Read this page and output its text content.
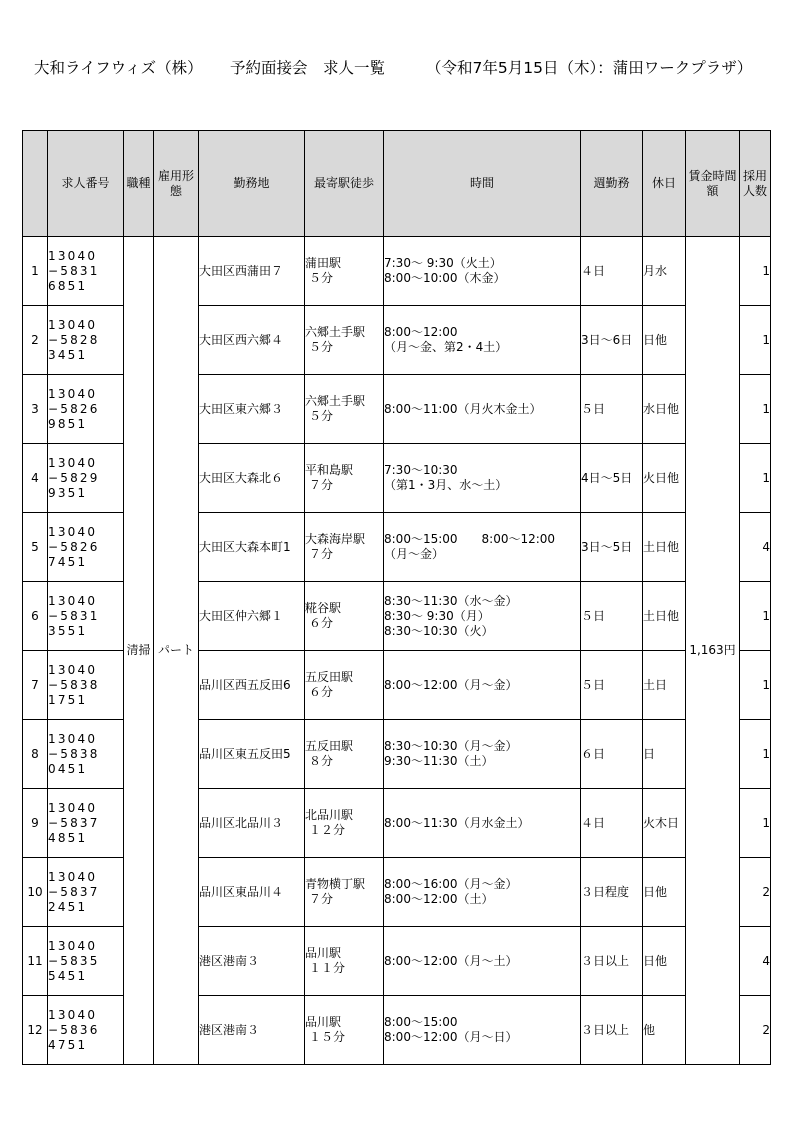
大和ライフウィズ（株） 予約面接会　求人一覧	（令和7年5月15日（木）：蒲田ワークプラザ）
	求人番号	職種	雇用形態	勤務地	最寄駅徒歩	時間	週勤務	休日	賃金時間額	採用人数

1	13040
−5831
6851	清掃	パート	大田区西蒲田７	蒲田駅
５分	7:30～ 9:30（火土）
8:00～10:00（木金）	４日	月水	1,163円	1

2	13040
−5828
3451			大田区西六郷４	六郷土手駅
５分	8:00～12:00
（月～金、第2・4土）	3日～6日	日他		1

3	13040
−5826
9851			大田区東六郷３	六郷土手駅
５分	8:00～11:00（月火木金土）	５日	水日他		1

4	13040
−5829
9351			大田区大森北６	平和島駅
７分	7:30～10:30
（第1・3月、水～土）	4日～5日	火日他		1

5	13040
−5826
7451			大田区大森本町1	大森海岸駅
７分	8:00～15:00　　8:00～12:00
（月～金）	3日～5日	土日他		4

6	13040
−5831
3551			大田区仲六郷１	糀谷駅
６分	8:30～11:30（水～金）
8:30～ 9:30（月）
8:30～10:30（火）	５日	土日他		1

7	13040
−5838
1751			品川区西五反田6	五反田駅
６分	8:00～12:00（月～金）	５日	土日		1

8	13040
−5838
0451			品川区東五反田5	五反田駅
８分	8:30～10:30（月～金）
9:30～11:30（土）	６日	日		1

9	13040
−5837
4851			品川区北品川３	北品川駅
１２分	8:00～11:30（月水金土）	４日	火木日		1

10	13040
−5837
2451			品川区東品川４	青物横丁駅
７分	8:00～16:00（月～金）
8:00～12:00（土）	３日程度	日他		2

11	13040
−5835
5451			港区港南３	品川駅
１１分	8:00～12:00（月～土）	３日以上	日他		4

12	13040
−5836
4751			港区港南３	品川駅
１５分	8:00～15:00
8:00～12:00（月～日）	３日以上	他		2
